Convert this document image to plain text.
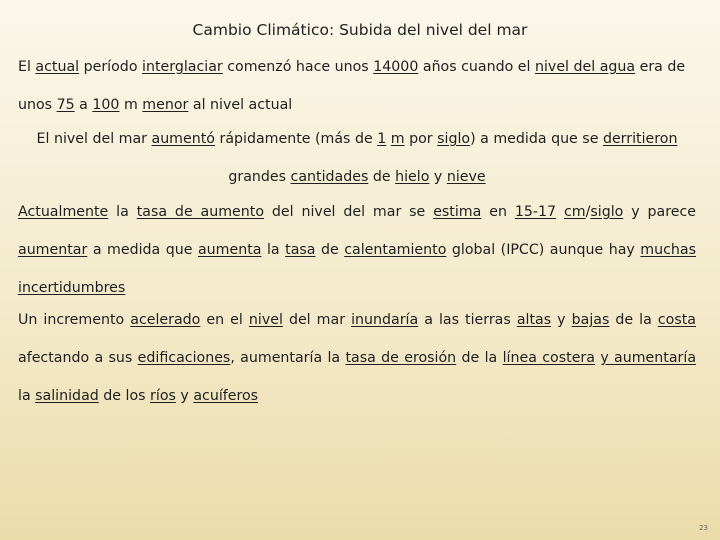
Cambio Climático: Subida del nivel del mar

El actual período interglaciar comenzó hace unos 14000 años cuando el nivel del agua era de unos 75 a 100 m menor al nivel actual

El nivel del mar aumentó rápidamente (más de 1 m por siglo) a medida que se derritieron grandes cantidades de hielo y nieve

Actualmente la tasa de aumento del nivel del mar se estima en 15-17 cm/siglo y parece aumentar a medida que aumenta la tasa de calentamiento global (IPCC) aunque hay muchas incertidumbres

Un incremento acelerado en el nivel del mar inundaría a las tierras altas y bajas de la costa afectando a sus edificaciones, aumentaría la tasa de erosión de la línea costera y aumentaría la salinidad de los ríos y acuíferos

23
